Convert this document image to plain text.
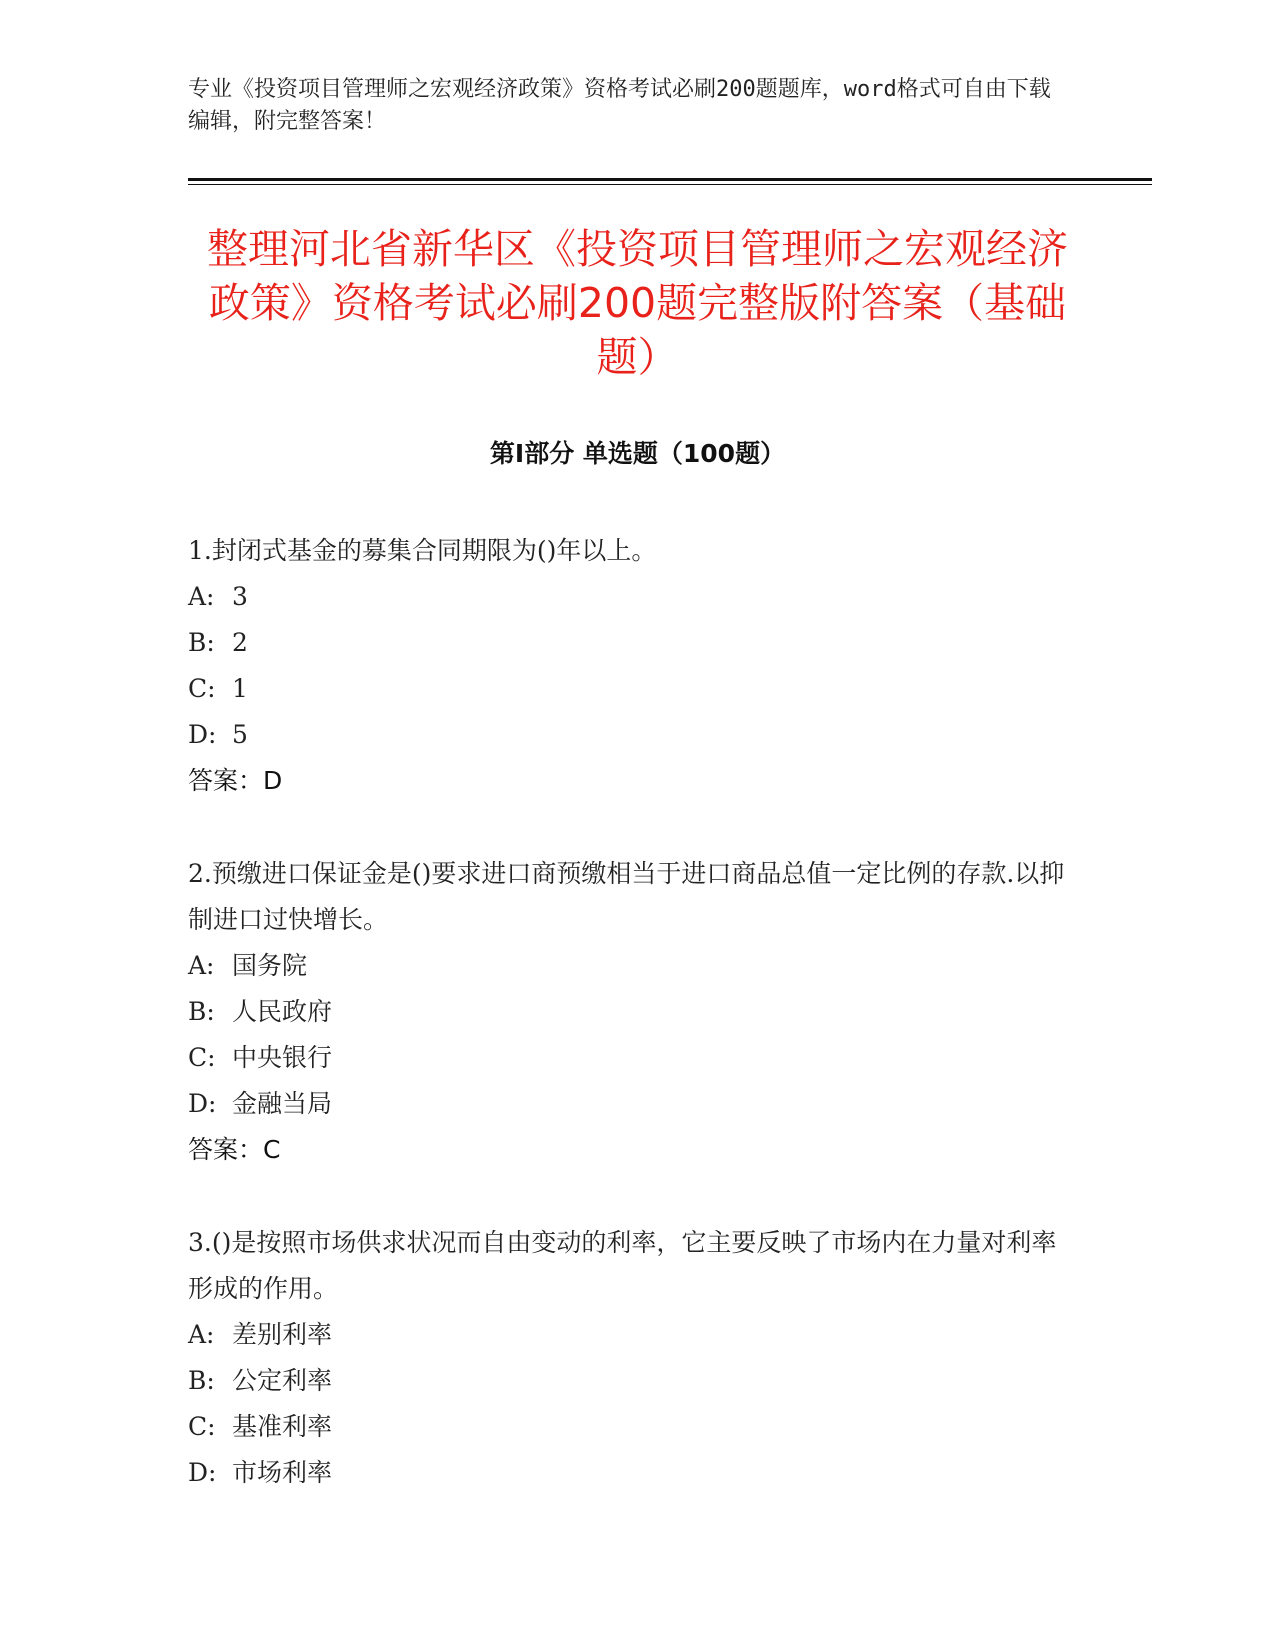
专业《投资项目管理师之宏观经济政策》资格考试必刷200题题库，word格式可自由下载编辑，附完整答案！
整理河北省新华区《投资项目管理师之宏观经济政策》资格考试必刷200题完整版附答案（基础题）
第Ⅰ部分 单选题（100题）

1.封闭式基金的募集合同期限为()年以上。

A: 3
B: 2
C: 1
D: 5
答案：D

2.预缴进口保证金是()要求进口商预缴相当于进口商品总值一定比例的存款.以抑制进口过快增长。

A: 国务院
B: 人民政府
C: 中央银行
D: 金融当局
答案：C

3.()是按照市场供求状况而自由变动的利率，它主要反映了市场内在力量对利率形成的作用。

A: 差别利率
B: 公定利率
C: 基准利率
D: 市场利率
